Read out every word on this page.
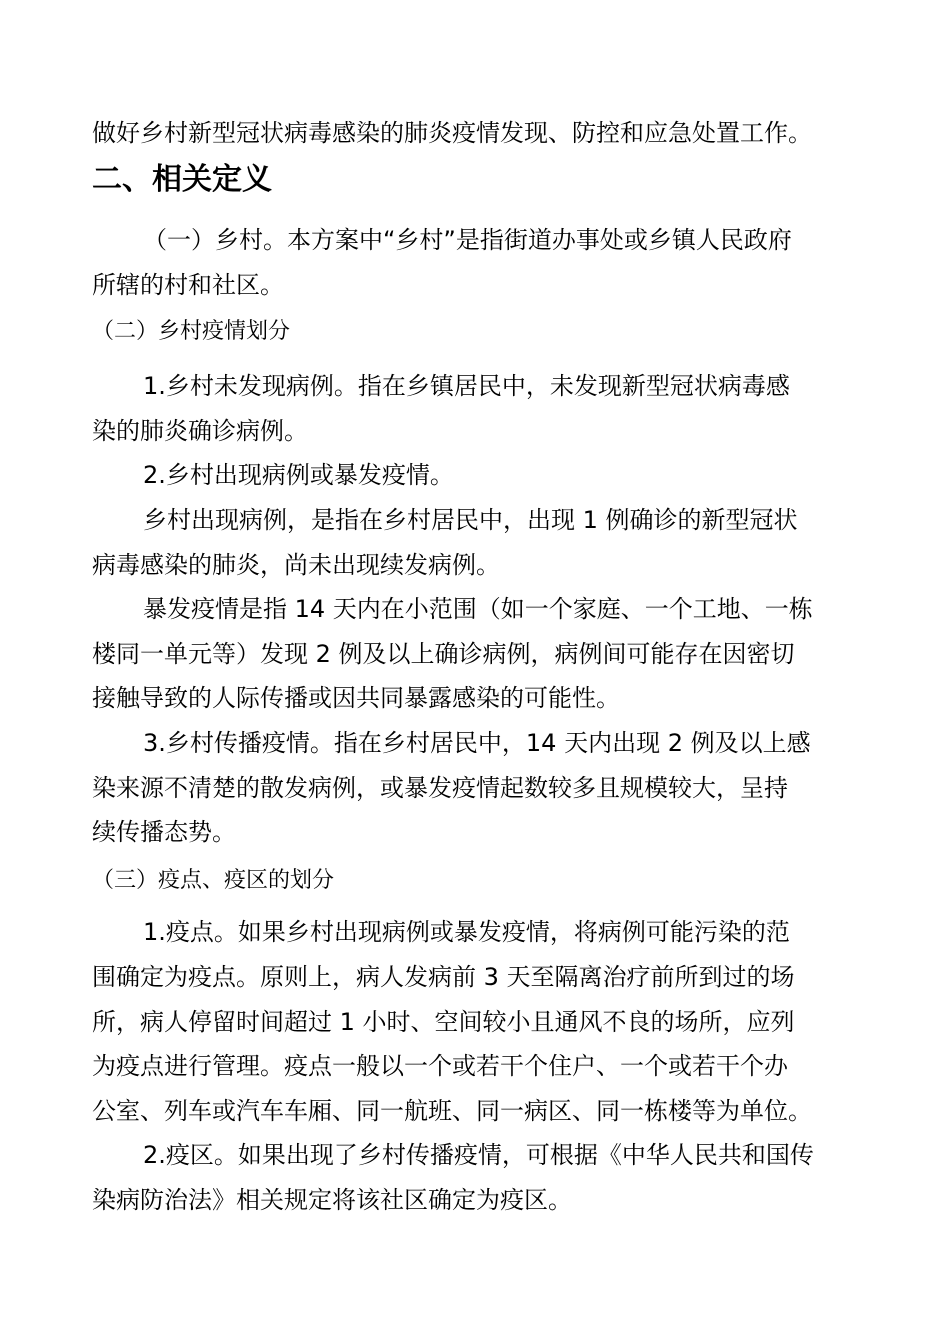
做好乡村新型冠状病毒感染的肺炎疫情发现、防控和应急处置工作。
二、相关定义
（一）乡村。本方案中“乡村”是指街道办事处或乡镇人民政府
所辖的村和社区。
（二）乡村疫情划分
1.乡村未发现病例。指在乡镇居民中，未发现新型冠状病毒感
染的肺炎确诊病例。
2.乡村出现病例或暴发疫情。
乡村出现病例，是指在乡村居民中，出现 1 例确诊的新型冠状
病毒感染的肺炎，尚未出现续发病例。
暴发疫情是指 14 天内在小范围（如一个家庭、一个工地、一栋
楼同一单元等）发现 2 例及以上确诊病例，病例间可能存在因密切
接触导致的人际传播或因共同暴露感染的可能性。
3.乡村传播疫情。指在乡村居民中，14 天内出现 2 例及以上感
染来源不清楚的散发病例，或暴发疫情起数较多且规模较大，呈持
续传播态势。
（三）疫点、疫区的划分
1.疫点。如果乡村出现病例或暴发疫情，将病例可能污染的范
围确定为疫点。原则上，病人发病前 3 天至隔离治疗前所到过的场
所，病人停留时间超过 1 小时、空间较小且通风不良的场所，应列
为疫点进行管理。疫点一般以一个或若干个住户、一个或若干个办
公室、列车或汽车车厢、同一航班、同一病区、同一栋楼等为单位。
2.疫区。如果出现了乡村传播疫情，可根据《中华人民共和国传
染病防治法》相关规定将该社区确定为疫区。
